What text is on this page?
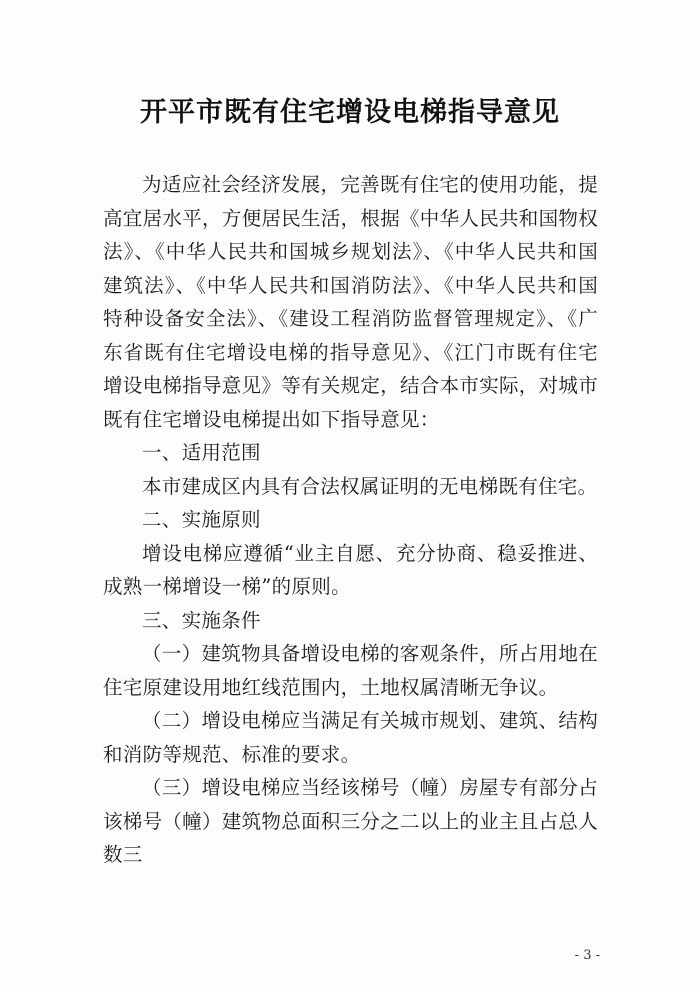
开平市既有住宅增设电梯指导意见

为适应社会经济发展，完善既有住宅的使用功能，提高宜居水平，方便居民生活，根据《中华人民共和国物权法》、《中华人民共和国城乡规划法》、《中华人民共和国建筑法》、《中华人民共和国消防法》、《中华人民共和国特种设备安全法》、《建设工程消防监督管理规定》、《广东省既有住宅增设电梯的指导意见》、《江门市既有住宅增设电梯指导意见》等有关规定，结合本市实际，对城市既有住宅增设电梯提出如下指导意见：

一、适用范围

本市建成区内具有合法权属证明的无电梯既有住宅。

二、实施原则

增设电梯应遵循“业主自愿、充分协商、稳妥推进、成熟一梯增设一梯”的原则。

三、实施条件

（一）建筑物具备增设电梯的客观条件，所占用地在住宅原建设用地红线范围内，土地权属清晰无争议。

（二）增设电梯应当满足有关城市规划、建筑、结构和消防等规范、标准的要求。

（三）增设电梯应当经该梯号（幢）房屋专有部分占该梯号（幢）建筑物总面积三分之二以上的业主且占总人数三

- 3 -
